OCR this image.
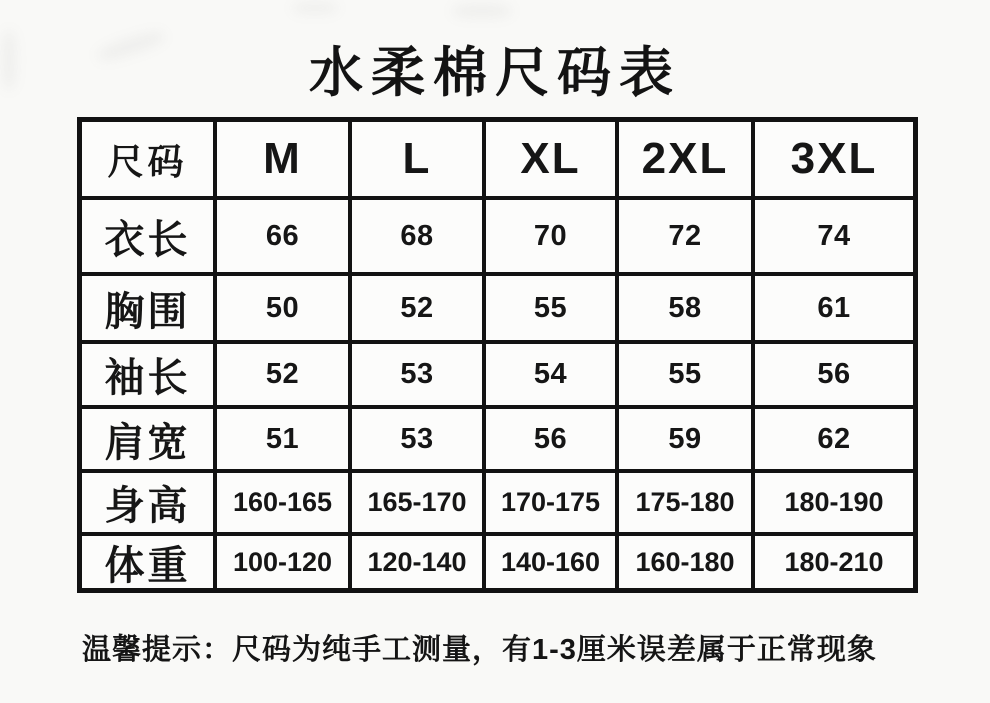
水柔棉尺码表
尺码	M	L	XL	2XL	3XL
衣长	66	68	70	72	74
胸围	50	52	55	58	61
袖长	52	53	54	55	56
肩宽	51	53	56	59	62
身高	160-165	165-170	170-175	175-180	180-190
体重	100-120	120-140	140-160	160-180	180-210
温馨提示：尺码为纯手工测量，有1-3厘米误差属于正常现象
